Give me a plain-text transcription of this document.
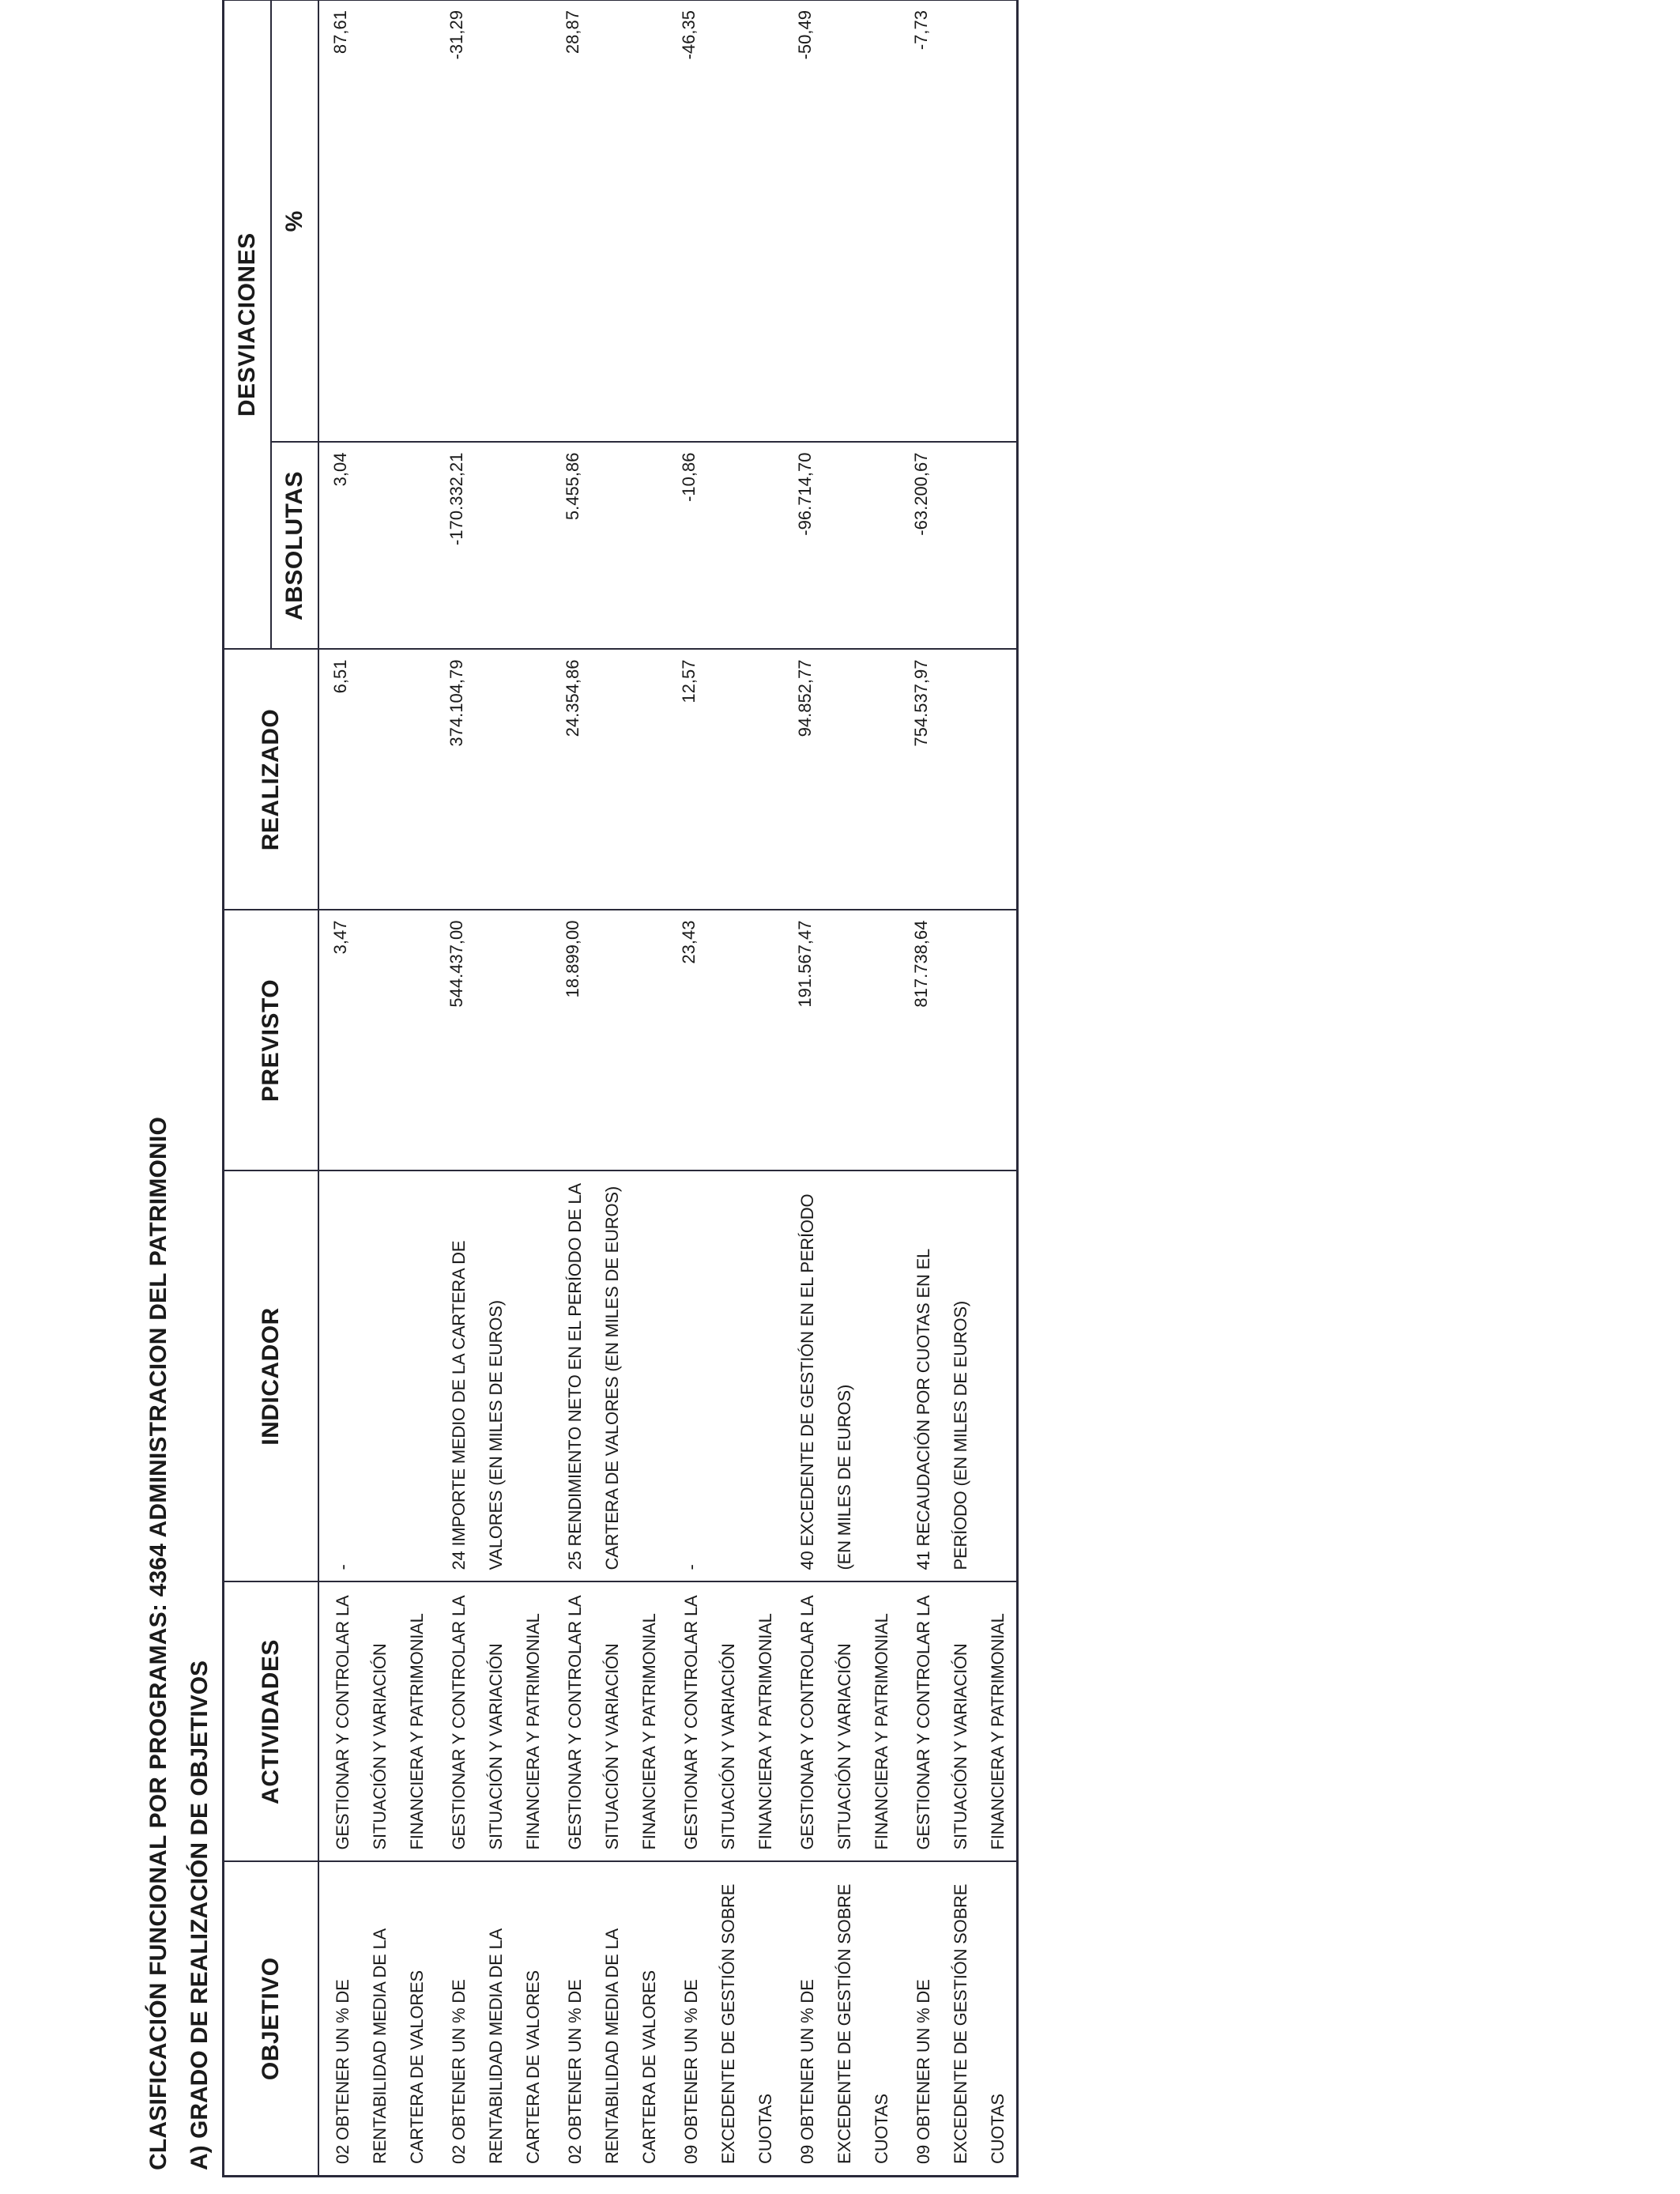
CLASIFICACIÓN FUNCIONAL POR PROGRAMAS: 4364 ADMINISTRACION DEL PATRIMONIO A) GRADO DE REALIZACIÓN DE OBJETIVOS OBJETIVO	ACTIVIDADES	INDICADOR	PREVISTO	REALIZADO	DESVIACIONES	
					ABSOLUTAS	%
02 OBTENER UN % DE RENTABILIDAD MEDIA DE LA CARTERA DE VALORES	GESTIONAR Y CONTROLAR LA SITUACIÓN Y VARIACIÓN FINANCIERA Y PATRIMONIAL	-	3,47	6,51	3,04	87,61
02 OBTENER UN % DE RENTABILIDAD MEDIA DE LA CARTERA DE VALORES	GESTIONAR Y CONTROLAR LA SITUACIÓN Y VARIACIÓN FINANCIERA Y PATRIMONIAL	24 IMPORTE MEDIO DE LA CARTERA DE VALORES (EN MILES DE EUROS)	544.437,00	374.104,79	-170.332,21	-31,29
02 OBTENER UN % DE RENTABILIDAD MEDIA DE LA CARTERA DE VALORES	GESTIONAR Y CONTROLAR LA SITUACIÓN Y VARIACIÓN FINANCIERA Y PATRIMONIAL	25 RENDIMIENTO NETO EN EL PERÍODO DE LA CARTERA DE VALORES (EN MILES DE EUROS)	18.899,00	24.354,86	5.455,86	28,87
09 OBTENER UN % DE EXCEDENTE DE GESTIÓN SOBRE CUOTAS	GESTIONAR Y CONTROLAR LA SITUACIÓN Y VARIACIÓN FINANCIERA Y PATRIMONIAL	-	23,43	12,57	-10,86	-46,35
09 OBTENER UN % DE EXCEDENTE DE GESTIÓN SOBRE CUOTAS	GESTIONAR Y CONTROLAR LA SITUACIÓN Y VARIACIÓN FINANCIERA Y PATRIMONIAL	40 EXCEDENTE DE GESTIÓN EN EL PERÍODO (EN MILES DE EUROS)	191.567,47	94.852,77	-96.714,70	-50,49
09 OBTENER UN % DE EXCEDENTE DE GESTIÓN SOBRE CUOTAS	GESTIONAR Y CONTROLAR LA SITUACIÓN Y VARIACIÓN FINANCIERA Y PATRIMONIAL	41 RECAUDACIÓN POR CUOTAS EN EL PERÍODO (EN MILES DE EUROS)	817.738,64	754.537,97	-63.200,67	-7,73
